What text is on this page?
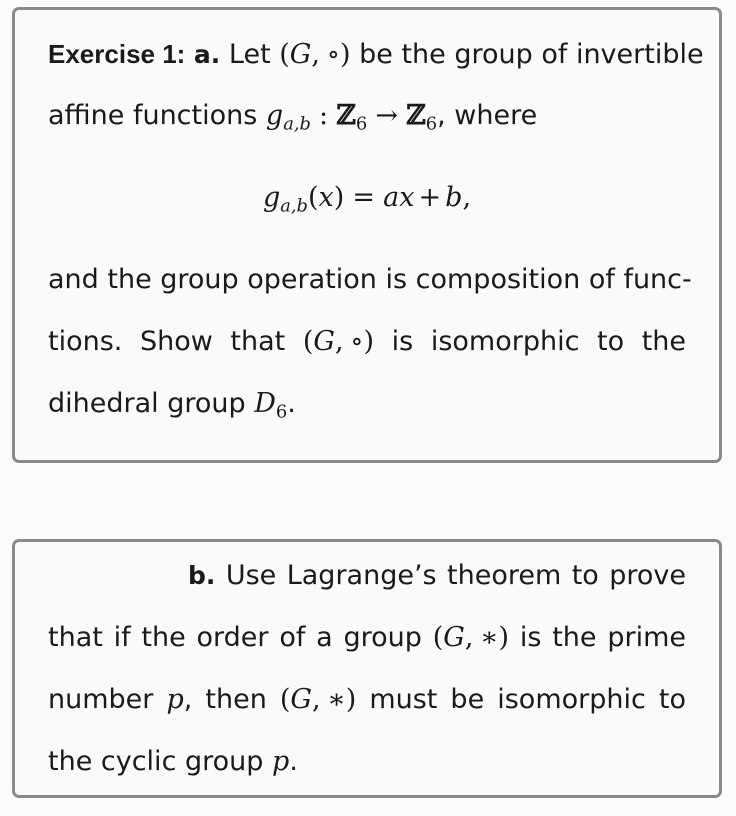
Exercise 1: a. Let (G, ∘) be the group of invertible
affine functions $g_{a,b}$ : ℤ$_6$ → ℤ$_6$, where
$g_{a,b}(x)$ = ax + b,
and the group operation is composition of func-
tions. Show that (G, ∘) is isomorphic to the
dihedral group $D_6$.
b. Use Lagrange’s theorem to prove
that if the order of a group (G, ∗) is the prime
number p, then (G, ∗) must be isomorphic to
the cyclic group p.
